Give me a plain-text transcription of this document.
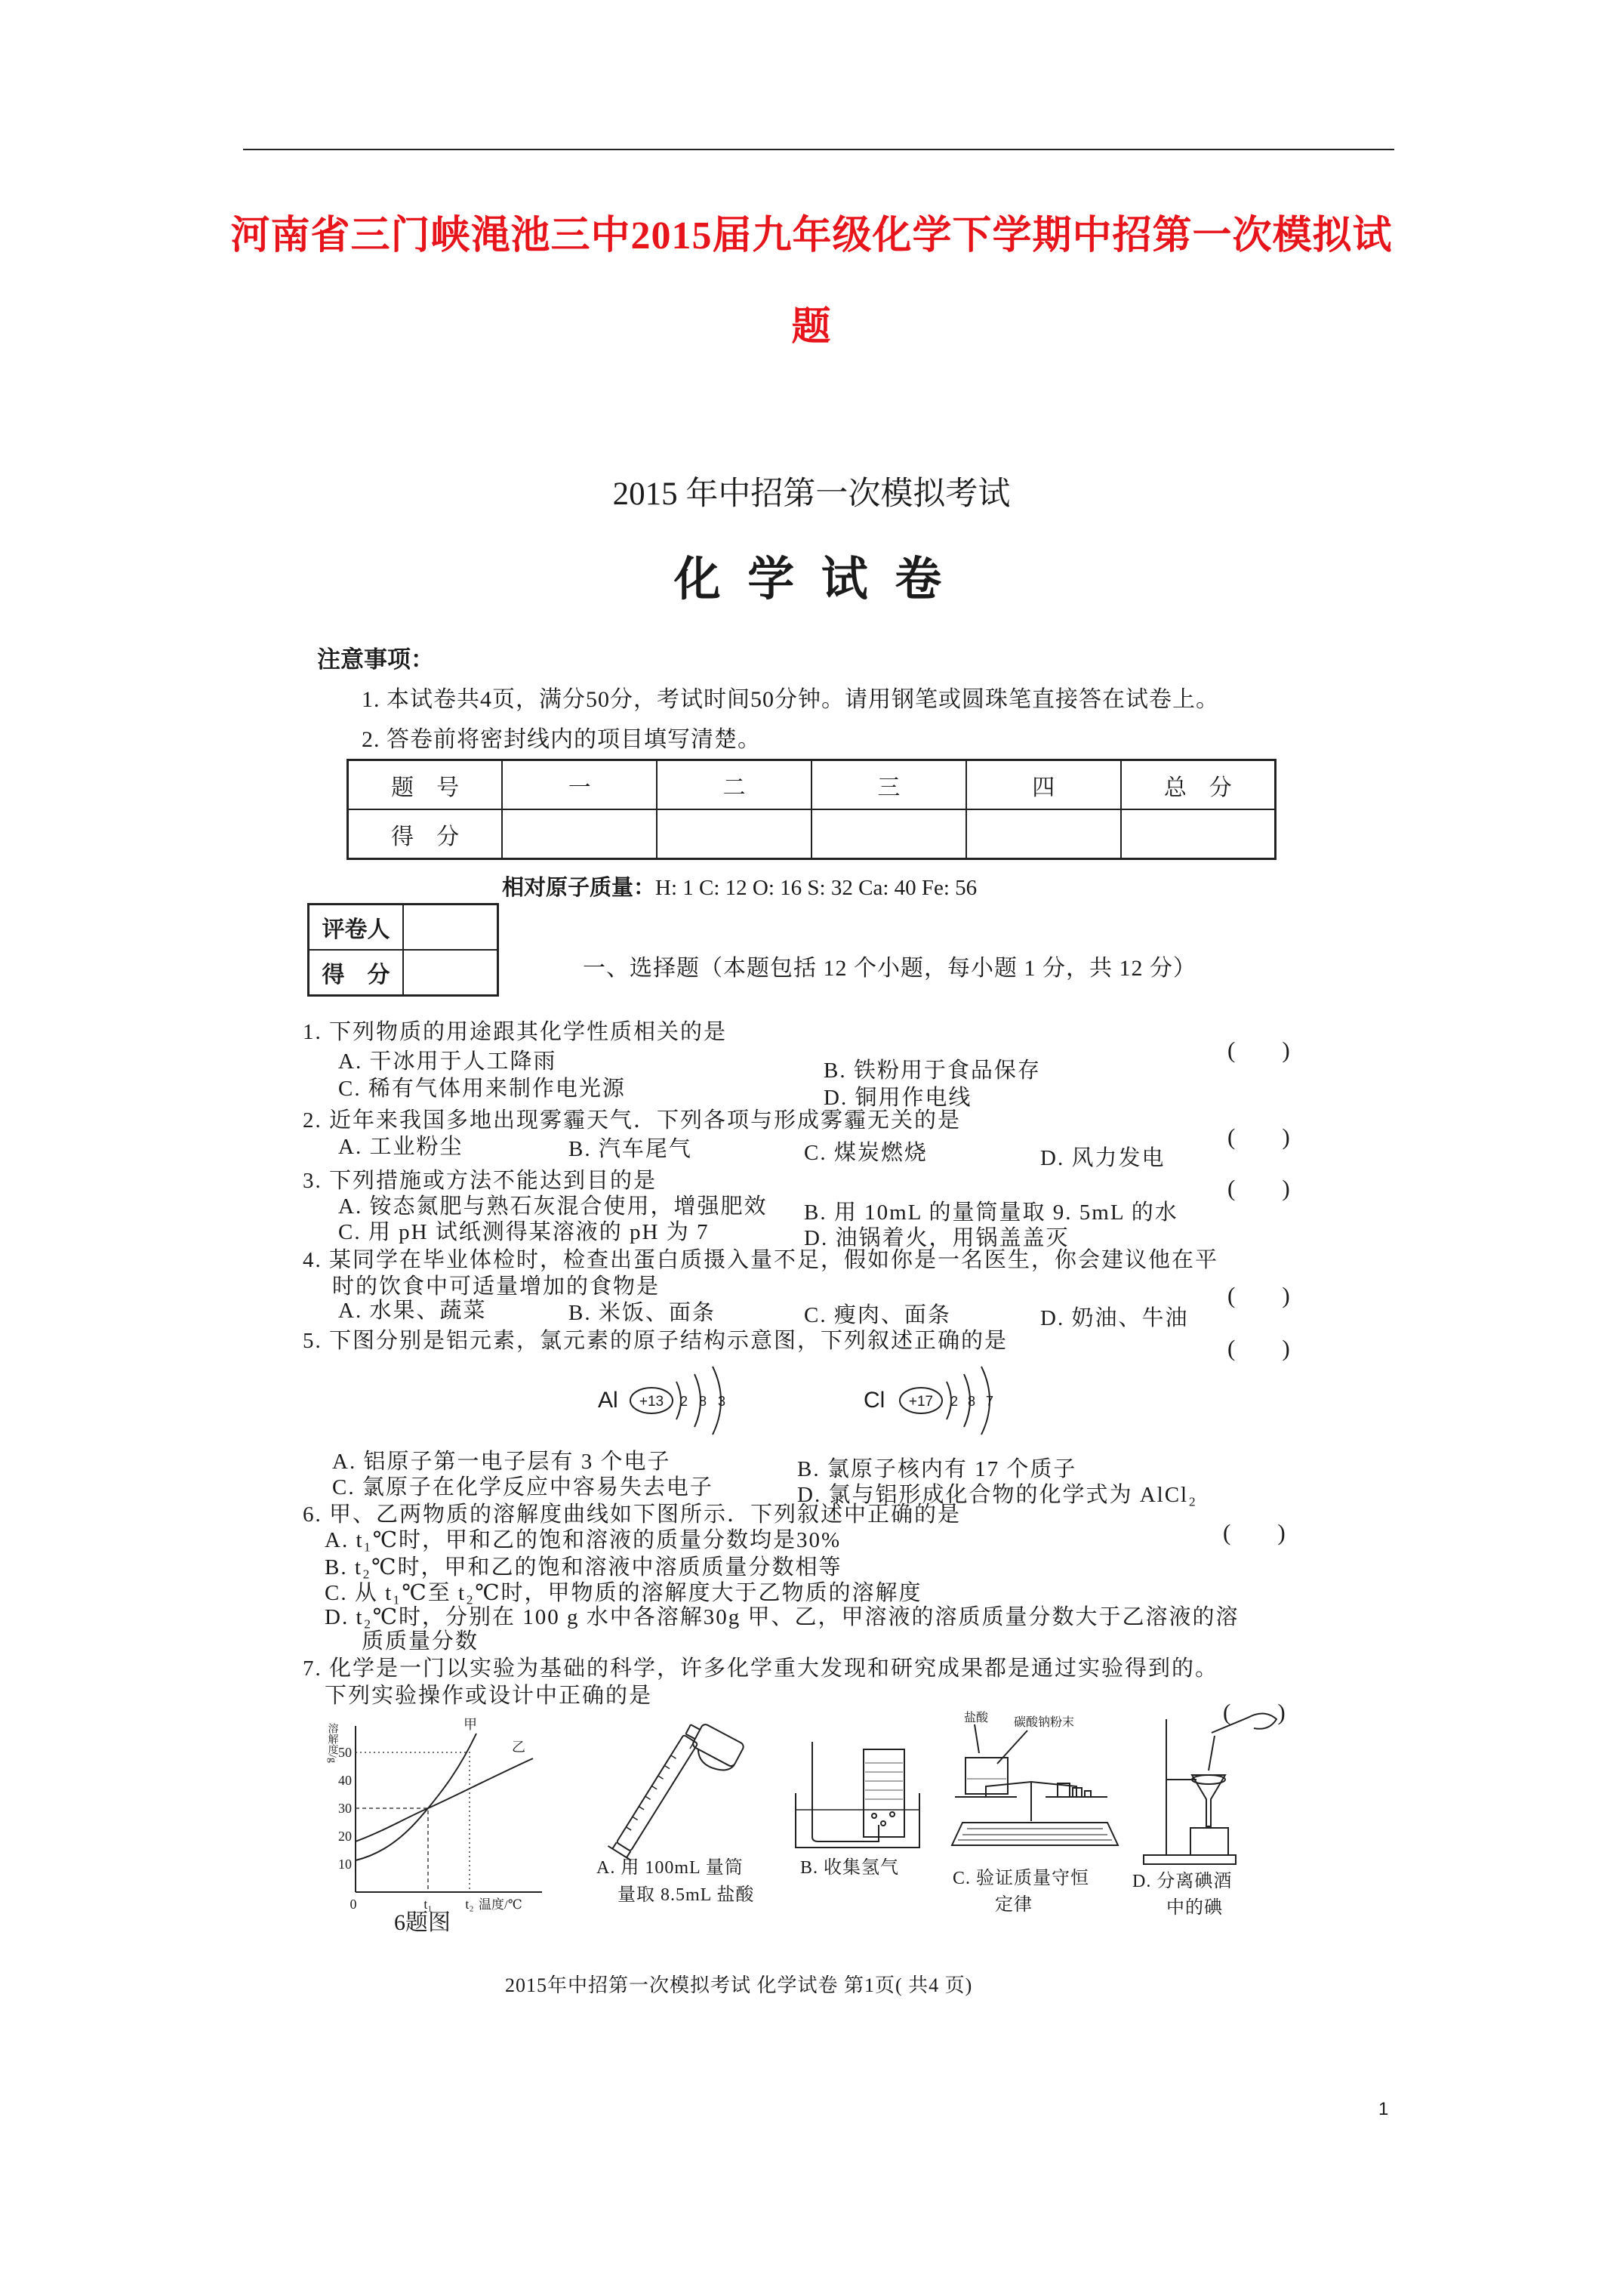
河南省三门峡渑池三中2015届九年级化学下学期中招第一次模拟试
题
2015 年中招第一次模拟考试
化 学 试 卷
注意事项：
1. 本试卷共4页，满分50分，考试时间50分钟。请用钢笔或圆珠笔直接答在试卷上。
2. 答卷前将密封线内的项目填写清楚。
题　号	一	二	三	四	总　分
得　分					
相对原子质量：H: 1 C: 12 O: 16 S: 32 Ca: 40 Fe: 56
评卷人	
得　分		一、选择题（本题包括 12 个小题，每小题 1 分，共 12 分）
1. 下列物质的用途跟其化学性质相关的是
(　　)
A. 干冰用于人工降雨	B. 铁粉用于食品保存
C. 稀有气体用来制作电光源	D. 铜用作电线
2. 近年来我国多地出现雾霾天气．下列各项与形成雾霾无关的是
(　　)
A. 工业粉尘	B. 汽车尾气	C. 煤炭燃烧	D. 风力发电
3. 下列措施或方法不能达到目的是	(　　)
A. 铵态氮肥与熟石灰混合使用，增强肥效 B. 用 10mL 的量筒量取 9. 5mL 的水
C. 用 pH 试纸测得某溶液的 pH 为 7	D. 油锅着火，用锅盖盖灭
4. 某同学在毕业体检时，检查出蛋白质摄入量不足，假如你是一名医生，你会建议他在平
时的饮食中可适量增加的食物是	(　　)
A. 水果、蔬菜	B. 米饭、面条	C. 瘦肉、面条	D. 奶油、牛油
5. 下图分别是铝元素，氯元素的原子结构示意图，下列叙述正确的是	(　　)
Al +13 2 8 3	Cl +17 2 8 7
A. 铝原子第一电子层有 3 个电子	B. 氯原子核内有 17 个质子
C. 氯原子在化学反应中容易失去电子	D. 氯与铝形成化合物的化学式为 AlCl₂
6. 甲、乙两物质的溶解度曲线如下图所示．下列叙述中正确的是
(　　)
A. t₁℃时，甲和乙的饱和溶液的质量分数均是30%
B. t₂℃时，甲和乙的饱和溶液中溶质质量分数相等
C. 从 t₁℃至 t₂℃时，甲物质的溶解度大于乙物质的溶解度
D. t₂℃时，分别在 100 g 水中各溶解30g 甲、乙，甲溶液的溶质质量分数大于乙溶液的溶
质质量分数
7. 化学是一门以实验为基础的科学，许多化学重大发现和研究成果都是通过实验得到的。
下列实验操作或设计中正确的是
(　　)
溶解度/g 50
40
30
20
10
0	t₁ t₂ 温度/℃
甲
乙
6题图
A. 用 100mL 量筒
量取 8.5mL 盐酸
B. 收集氢气
盐酸 碳酸钠粉末
C. 验证质量守恒
定律
D. 分离碘酒
中的碘
2015年中招第一次模拟考试 化学试卷 第1页( 共4 页)
1
